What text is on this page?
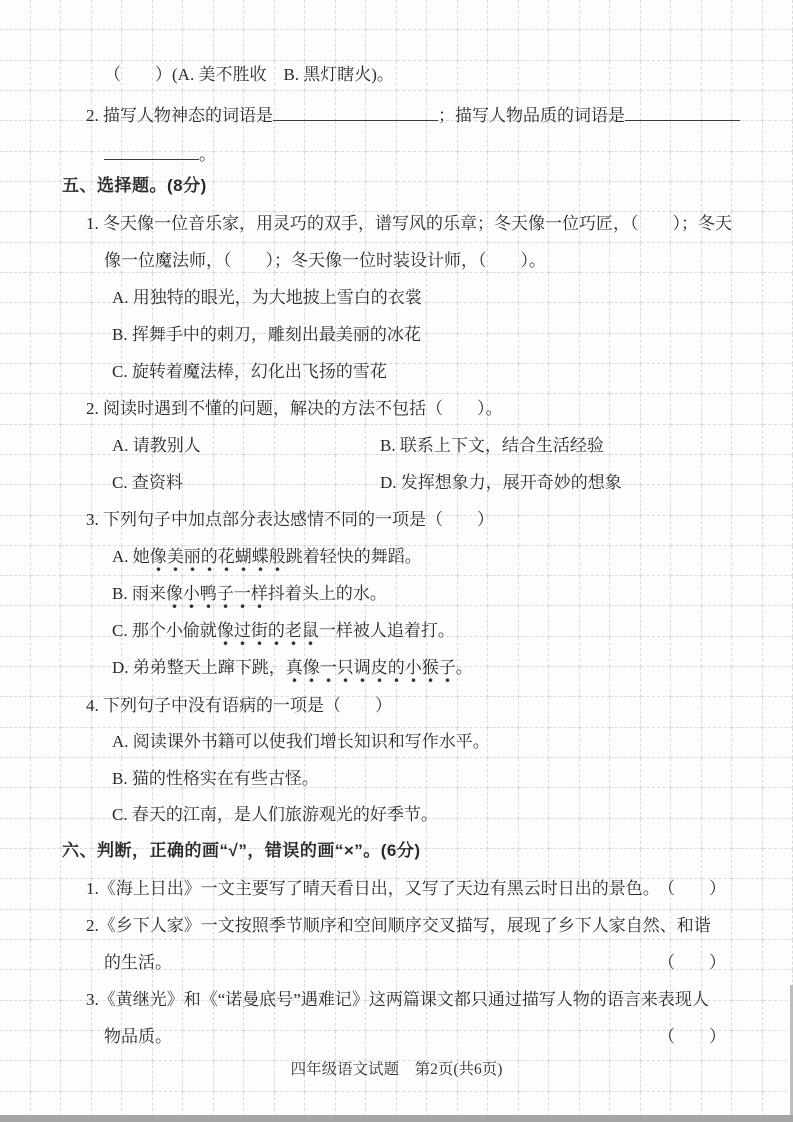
（　　）(A. 美不胜收　B. 黑灯瞎火)。
2. 描写人物神态的词语是	；描写人物品质的词语是
。
五、选择题。(8分)
1. 冬天像一位音乐家，用灵巧的双手，谱写风的乐章；冬天像一位巧匠，（　　）；冬天
像一位魔法师，（　　）；冬天像一位时装设计师，（　　）。
A. 用独特的眼光，为大地披上雪白的衣裳
B. 挥舞手中的刺刀，雕刻出最美丽的冰花
C. 旋转着魔法棒，幻化出飞扬的雪花
2. 阅读时遇到不懂的问题，解决的方法不包括（　　）。
A. 请教别人	B. 联系上下文，结合生活经验
C. 查资料	D. 发挥想象力，展开奇妙的想象
3. 下列句子中加点部分表达感情不同的一项是（　　）
A. 她像美丽的花蝴蝶般跳着轻快的舞蹈。
B. 雨来像小鸭子一样抖着头上的水。
C. 那个小偷就像过街的老鼠一样被人追着打。
D. 弟弟整天上蹿下跳，真像一只调皮的小猴子。
4. 下列句子中没有语病的一项是（　　）
A. 阅读课外书籍可以使我们增长知识和写作水平。
B. 猫的性格实在有些古怪。
C. 春天的江南，是人们旅游观光的好季节。
六、判断，正确的画“√”，错误的画“×”。(6分)
1.《海上日出》一文主要写了晴天看日出，又写了天边有黑云时日出的景色。
（　　）
2.《乡下人家》一文按照季节顺序和空间顺序交叉描写，展现了乡下人家自然、和谐
的生活。	（　　）
3.《黄继光》和《“诺曼底号”遇难记》这两篇课文都只通过描写人物的语言来表现人
物品质。	（　　）
四年级语文试题　第2页(共6页)
